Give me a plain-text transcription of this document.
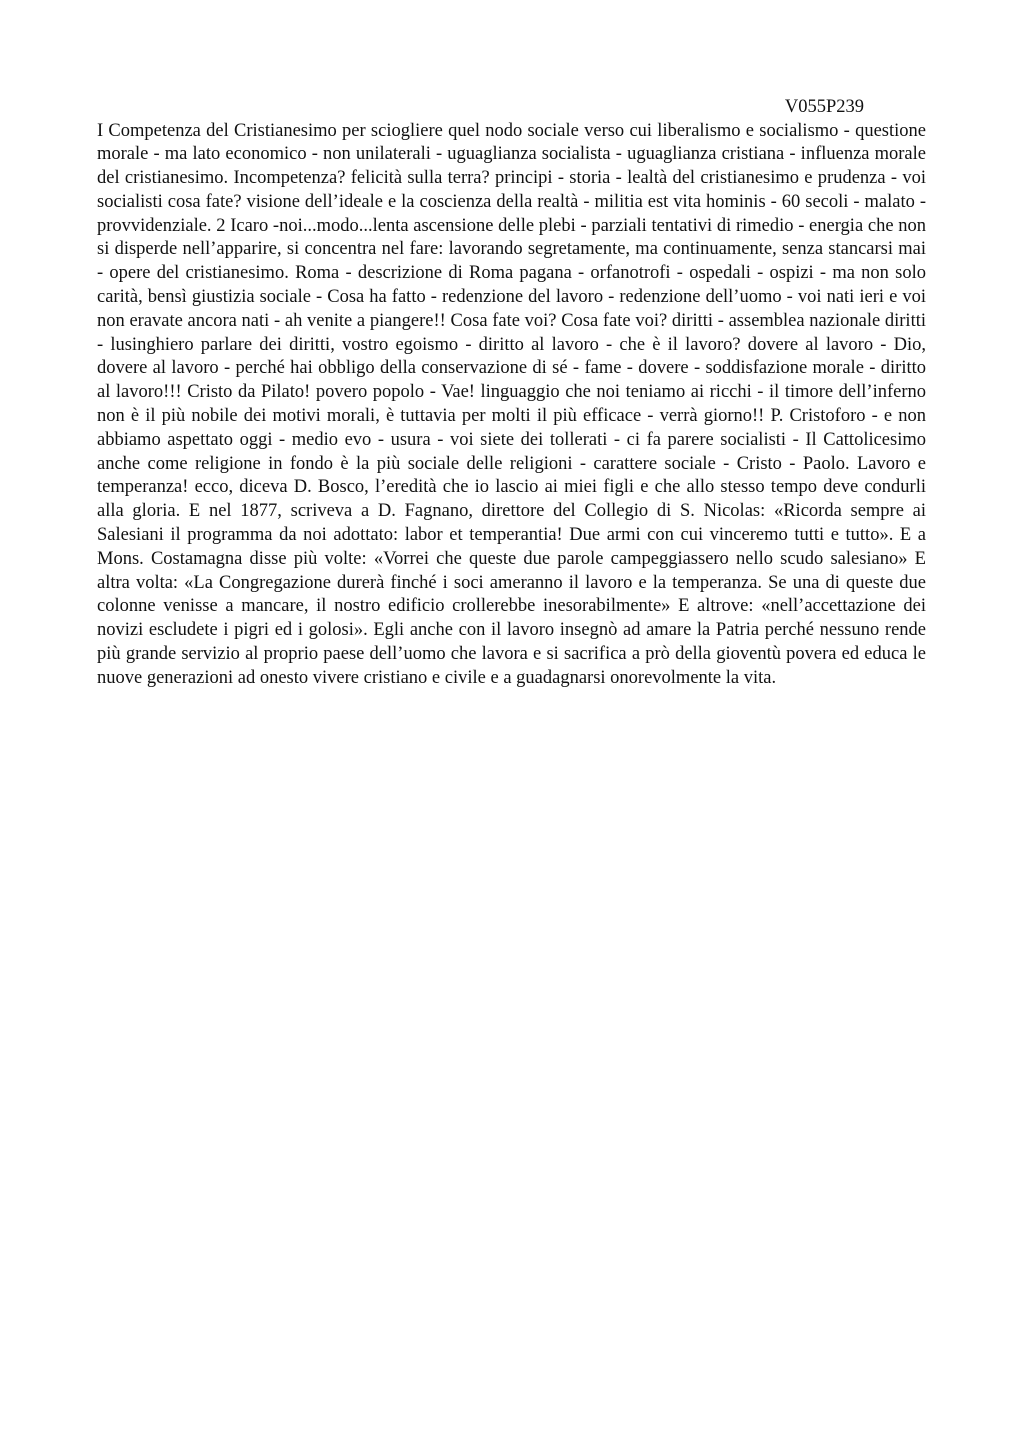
V055P239

I Competenza del Cristianesimo per sciogliere quel nodo sociale verso cui liberalismo e socialismo - questione morale - ma lato economico - non unilaterali - uguaglianza socialista - uguaglianza cristiana - influenza morale del cristianesimo. Incompetenza? felicità sulla terra? principi - storia - lealtà del cristianesimo e prudenza - voi socialisti cosa fate? visione dell’ideale e la coscienza della realtà - militia est vita hominis - 60 secoli - malato - provvidenziale. 2 Icaro -noi...modo...lenta ascensione delle plebi - parziali tentativi di rimedio - energia che non si disperde nell’apparire, si concentra nel fare: lavorando segretamente, ma continuamente, senza stancarsi mai - opere del cristianesimo. Roma - descrizione di Roma pagana - orfanotrofi - ospedali - ospizi - ma non solo carità, bensì giustizia sociale - Cosa ha fatto - redenzione del lavoro - redenzione dell’uomo - voi nati ieri e voi non eravate ancora nati - ah venite a piangere!! Cosa fate voi? Cosa fate voi? diritti - assemblea nazionale diritti - lusinghiero parlare dei diritti, vostro egoismo - diritto al lavoro - che è il lavoro? dovere al lavoro - Dio, dovere al lavoro - perché hai obbligo della conservazione di sé - fame - dovere - soddisfazione morale - diritto al lavoro!!! Cristo da Pilato! povero popolo - Vae! linguaggio che noi teniamo ai ricchi - il timore dell’inferno non è il più nobile dei motivi morali, è tuttavia per molti il più efficace - verrà giorno!! P. Cristoforo - e non abbiamo aspettato oggi - medio evo - usura - voi siete dei tollerati - ci fa parere socialisti - Il Cattolicesimo anche come religione in fondo è la più sociale delle religioni - carattere sociale - Cristo - Paolo. Lavoro e temperanza! ecco, diceva D. Bosco, l’eredità che io lascio ai miei figli e che allo stesso tempo deve condurli alla gloria. E nel 1877, scriveva a D. Fagnano, direttore del Collegio di S. Nicolas: «Ricorda sempre ai Salesiani il programma da noi adottato: labor et temperantia! Due armi con cui vinceremo tutti e tutto». E a Mons. Costamagna disse più volte: «Vorrei che queste due parole campeggiassero nello scudo salesiano» E altra volta: «La Congregazione durerà finché i soci ameranno il lavoro e la temperanza. Se una di queste due colonne venisse a mancare, il nostro edificio crollerebbe inesorabilmente» E altrove: «nell’accettazione dei novizi escludete i pigri ed i golosi». Egli anche con il lavoro insegnò ad amare la Patria perché nessuno rende più grande servizio al proprio paese dell’uomo che lavora e si sacrifica a prò della gioventù povera ed educa le nuove generazioni ad onesto vivere cristiano e civile e a guadagnarsi onorevolmente la vita.
